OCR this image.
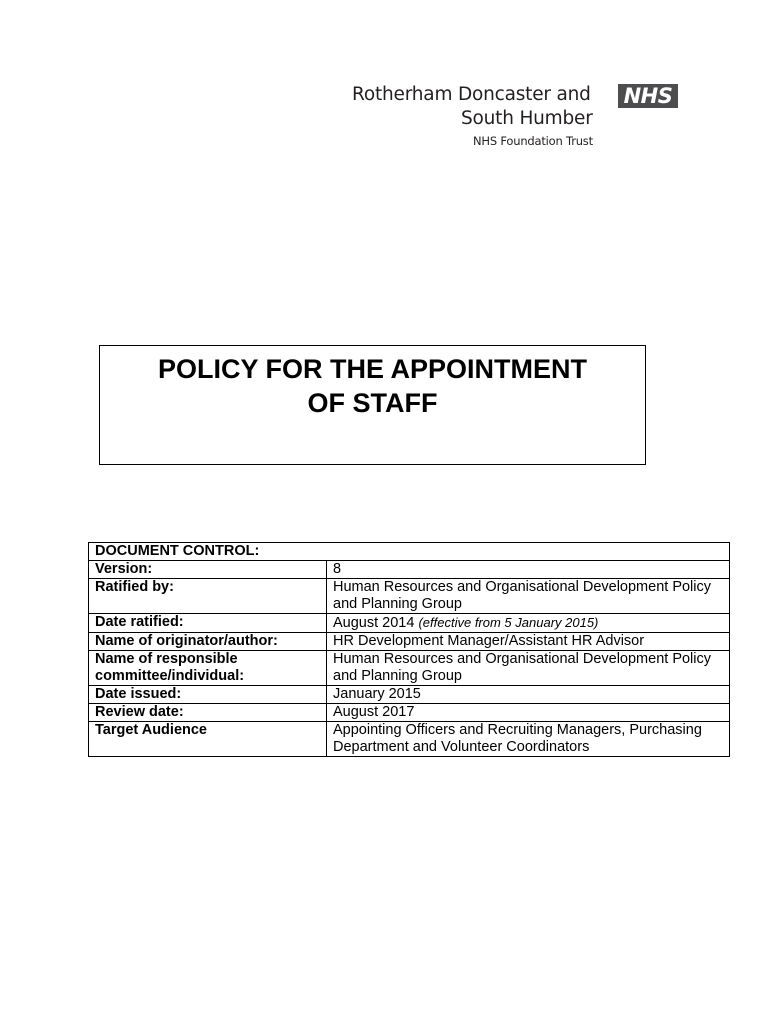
Rotherham Doncaster and NHS
South Humber
NHS Foundation Trust

POLICY FOR THE APPOINTMENT
OF STAFF

DOCUMENT CONTROL:	
Version:	8
Ratified by:	Human Resources and Organisational Development Policy and Planning Group
Date ratified:	August 2014 (effective from 5 January 2015)
Name of originator/author:	HR Development Manager/Assistant HR Advisor
Name of responsible committee/individual:	Human Resources and Organisational Development Policy and Planning Group
Date issued:	January 2015
Review date:	August 2017
Target Audience	Appointing Officers and Recruiting Managers, Purchasing Department and Volunteer Coordinators
